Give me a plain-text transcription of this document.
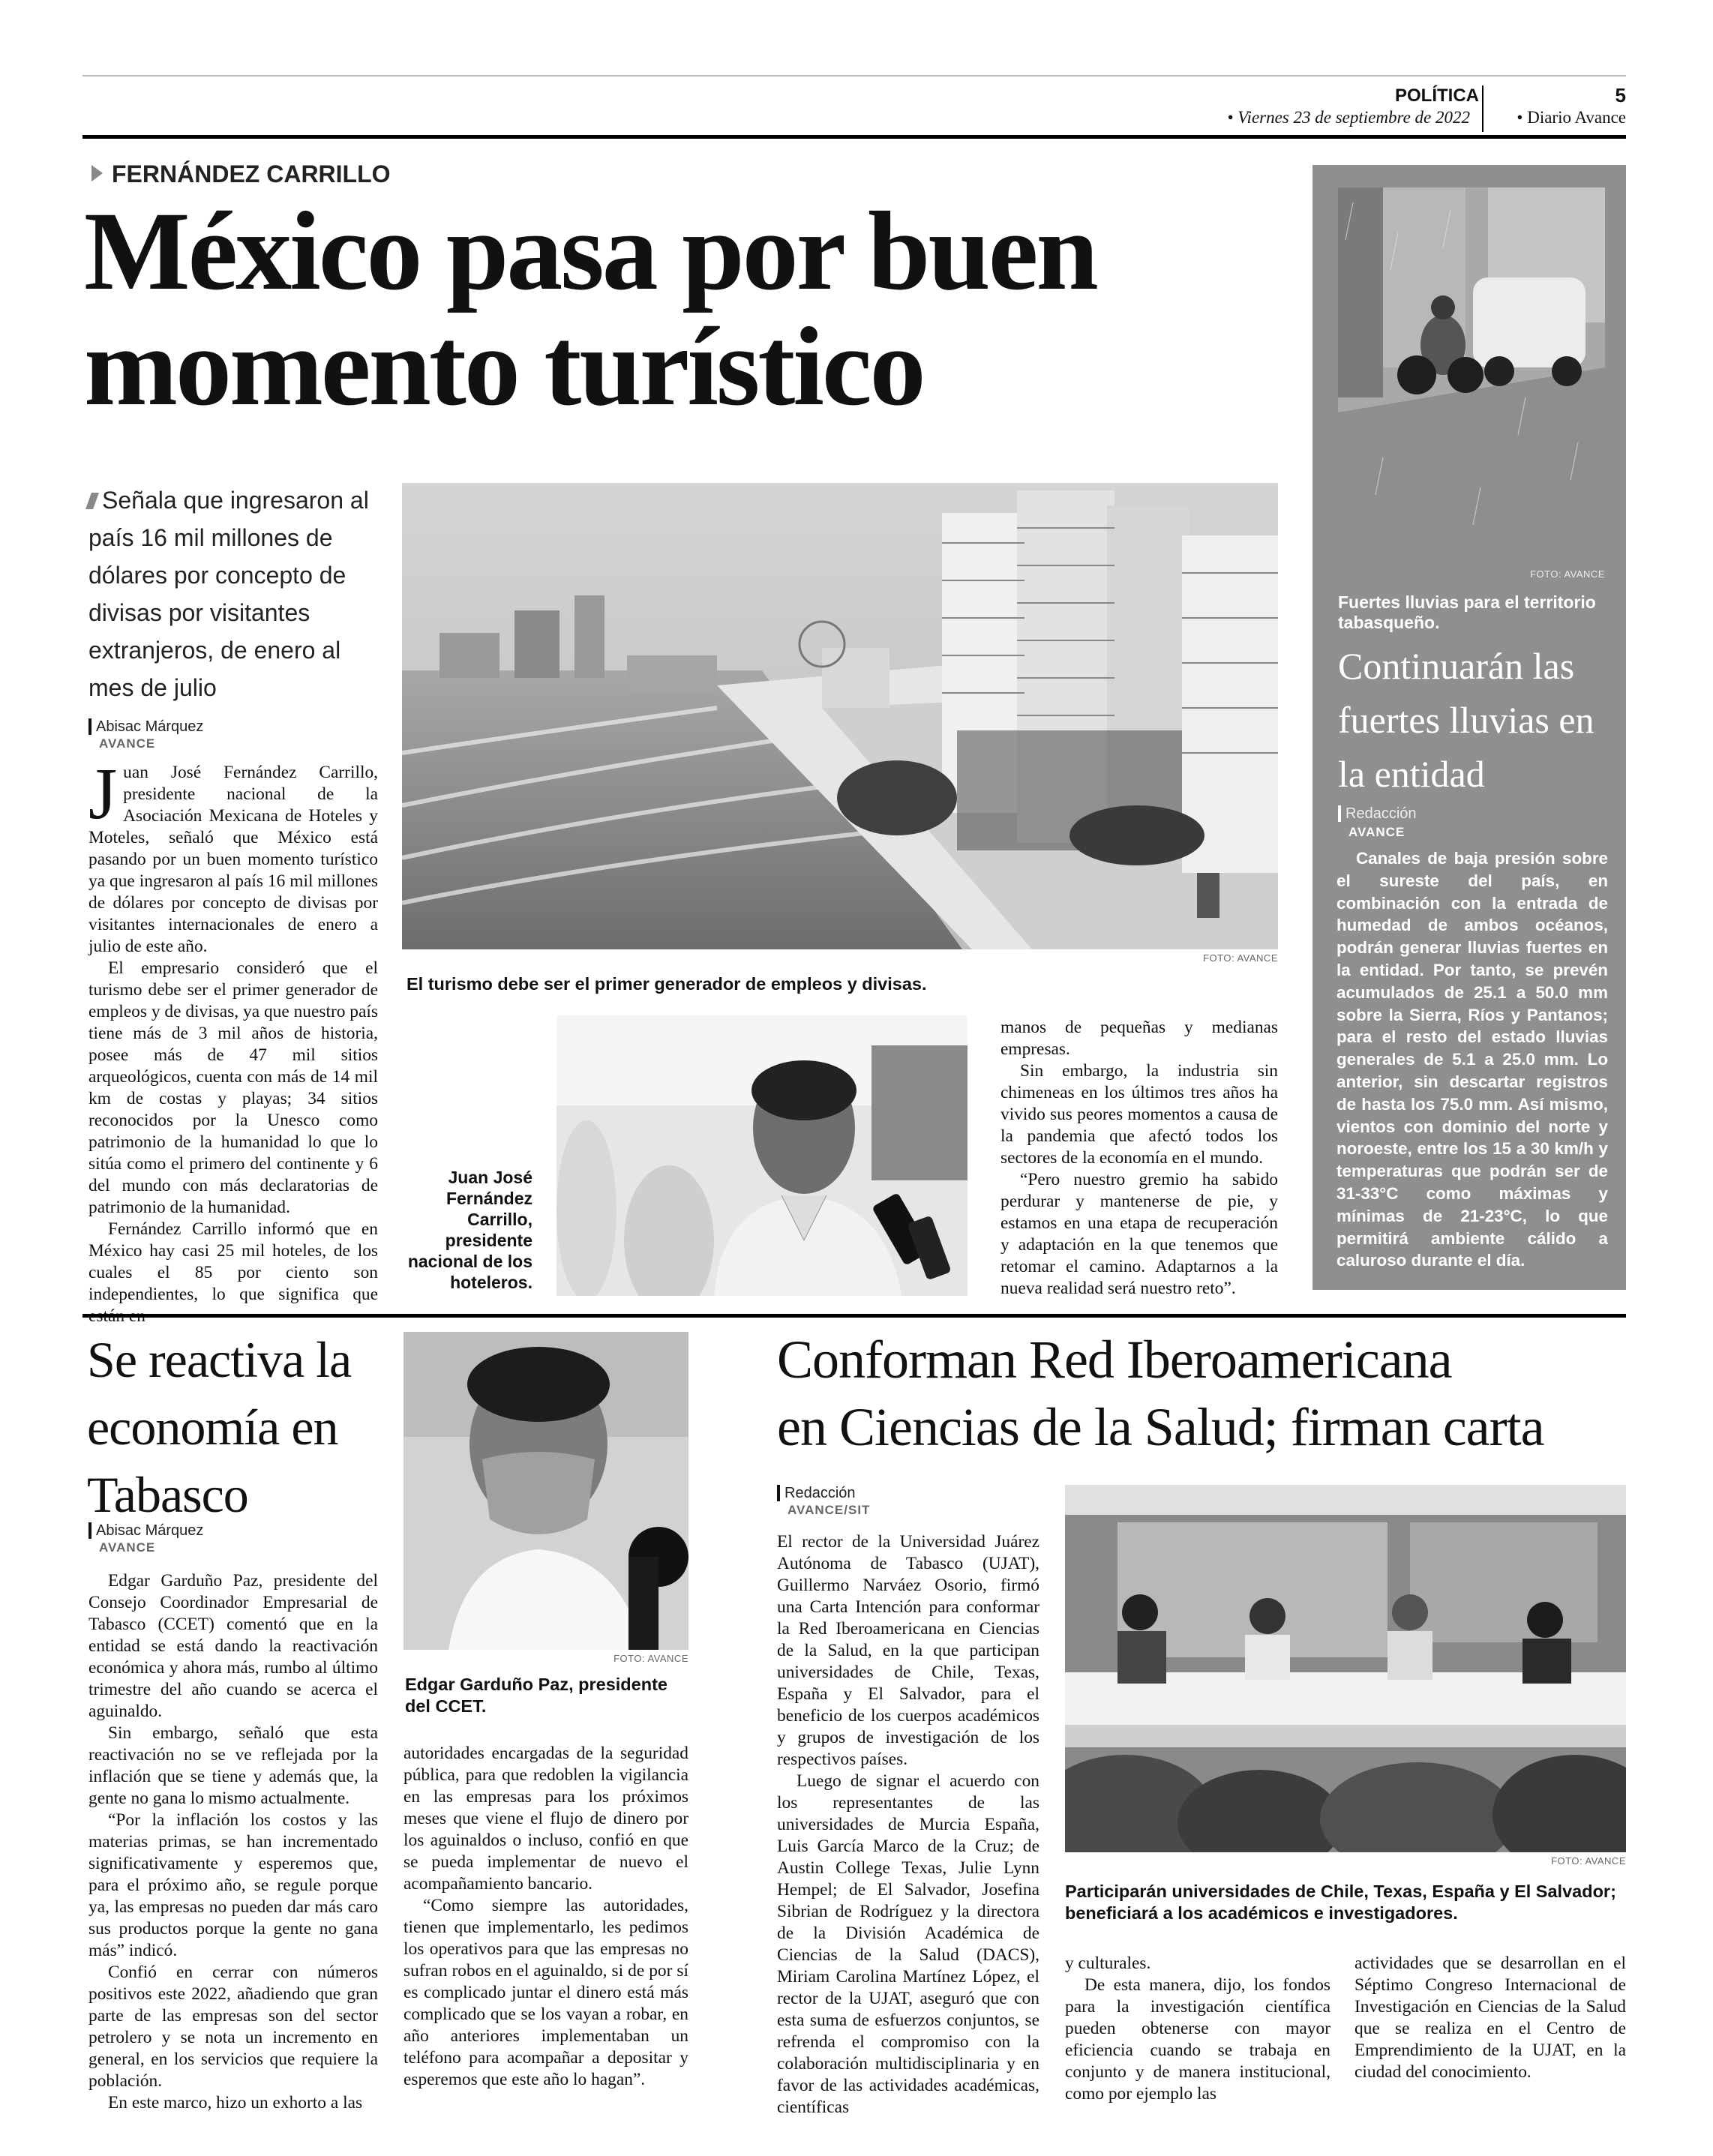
POLÍTICA
• Viernes 23 de septiembre de 2022
5
• Diario Avance
FERNÁNDEZ CARRILLO
México pasa por buen
momento turístico
Señala que ingresaron al país 16 mil millones de dólares por concepto de divisas por visitantes extranjeros, de enero al mes de julio
Abisac Márquez
AVANCE

Juan José Fernández Carrillo, presidente nacional de la Asociación Mexicana de Hoteles y Moteles, señaló que México está pasando por un buen momento turístico ya que ingresaron al país 16 mil millones de dólares por concepto de divisas por visitantes internacionales de enero a julio de este año.

El empresario consideró que el turismo debe ser el primer generador de empleos y de divisas, ya que nuestro país tiene más de 3 mil años de historia, posee más de 47 mil sitios arqueológicos, cuenta con más de 14 mil km de costas y playas; 34 sitios reconocidos por la Unesco como patrimonio de la humanidad lo que lo sitúa como el primero del continente y 6 del mundo con más declaratorias de patrimonio de la humanidad.

Fernández Carrillo informó que en México hay casi 25 mil hoteles, de los cuales el 85 por ciento son independientes, lo que significa que

FOTO: AVANCE
El turismo debe ser el primer generador de empleos y divisas.
Juan José Fernández Carrillo, presidente nacional de los hoteleros.

manos de pequeñas y medianas empresas.

Sin embargo, la industria sin chimeneas en los últimos tres años ha vivido sus peores momentos a causa de la pandemia que afectó todos los sectores de la economía en el mundo.

“Pero nuestro gremio ha sabido perdurar y mantenerse de pie, y estamos en una etapa de recuperación y adaptación en la que tenemos que retomar el camino. Adaptarnos a la nueva realidad será nuestro reto”.

FOTO: AVANCE
Fuertes lluvias para el territorio tabasqueño.
Continuarán las fuertes lluvias en la entidad
Redacción
AVANCE
Canales de baja presión sobre el sureste del país, en combinación con la entrada de humedad de ambos océanos, podrán generar lluvias fuertes en la entidad. Por tanto, se prevén acumulados de 25.1 a 50.0 mm sobre la Sierra, Ríos y Pantanos; para el resto del estado lluvias generales de 5.1 a 25.0 mm. Lo anterior, sin descartar registros de hasta los 75.0 mm. Así mismo, vientos con dominio del norte y noroeste, entre los 15 a 30 km/h y temperaturas que podrán ser de 31-33°C como máximas y mínimas de 21-23°C, lo que permitirá ambiente cálido a caluroso durante el día.
Se reactiva la economía en Tabasco
Abisac Márquez
AVANCE

Edgar Garduño Paz, presidente del Consejo Coordinador Empresarial de Tabasco (CCET) comentó que en la entidad se está dando la reactivación económica y ahora más, rumbo al último trimestre del año cuando se acerca el aguinaldo.

Sin embargo, señaló que esta reactivación no se ve reflejada por la inflación que se tiene y además que, la gente no gana lo mismo actualmente.

“Por la inflación los costos y las materias primas, se han incrementado significativamente y esperemos que, para el próximo año, se regule porque ya, las empresas no pueden dar más caro sus productos porque la gente no gana más” indicó.

Confió en cerrar con números positivos este 2022, añadiendo que gran parte de las empresas son del sector petrolero y se nota un incremento en general, en los servicios que requiere la población.

En este marco, hizo un exhorto a las

FOTO: AVANCE
Edgar Garduño Paz, presidente del CCET.

autoridades encargadas de la seguridad pública, para que redoblen la vigilancia en las empresas para los próximos meses que viene el flujo de dinero por los aguinaldos o incluso, confió en que se pueda implementar de nuevo el acompañamiento bancario.

“Como siempre las autoridades, tienen que implementarlo, les pedimos los operativos para que las empresas no sufran robos en el aguinaldo, si de por sí es complicado juntar el dinero está más complicado que se los vayan a robar, en año anteriores implementaban un teléfono para acompañar a depositar y esperemos que este año lo hagan”.

Conforman Red Iberoamericana
en Ciencias de la Salud; firman carta
Redacción
AVANCE/SIT

El rector de la Universidad Juárez Autónoma de Tabasco (UJAT), Guillermo Narváez Osorio, firmó una Carta Intención para conformar la Red Iberoamericana en Ciencias de la Salud, en la que participan universidades de Chile, Texas, España y El Salvador, para el beneficio de los cuerpos académicos y grupos de investigación de los respectivos países.

Luego de signar el acuerdo con los representantes de las universidades de Murcia España, Luis García Marco de la Cruz; de Austin College Texas, Julie Lynn Hempel; de El Salvador, Josefina Sibrian de Rodríguez y la directora de la División Académica de Ciencias de la Salud (DACS), Miriam Carolina Martínez López, el rector de la UJAT, aseguró que con esta suma de esfuerzos conjuntos, se refrenda el compromiso con la colaboración multidisciplinaria y en favor de las actividades académicas, científicas

FOTO: AVANCE
Participarán universidades de Chile, Texas, España y El Salvador; beneficiará a los académicos e investigadores.

y culturales.

De esta manera, dijo, los fondos para la investigación científica pueden obtenerse con mayor eficiencia cuando se trabaja en conjunto y de manera institucional, como por ejemplo las

actividades que se desarrollan en el Séptimo Congreso Internacional de Investigación en Ciencias de la Salud que se realiza en el Centro de Emprendimiento de la UJAT, en la ciudad del conocimiento.
